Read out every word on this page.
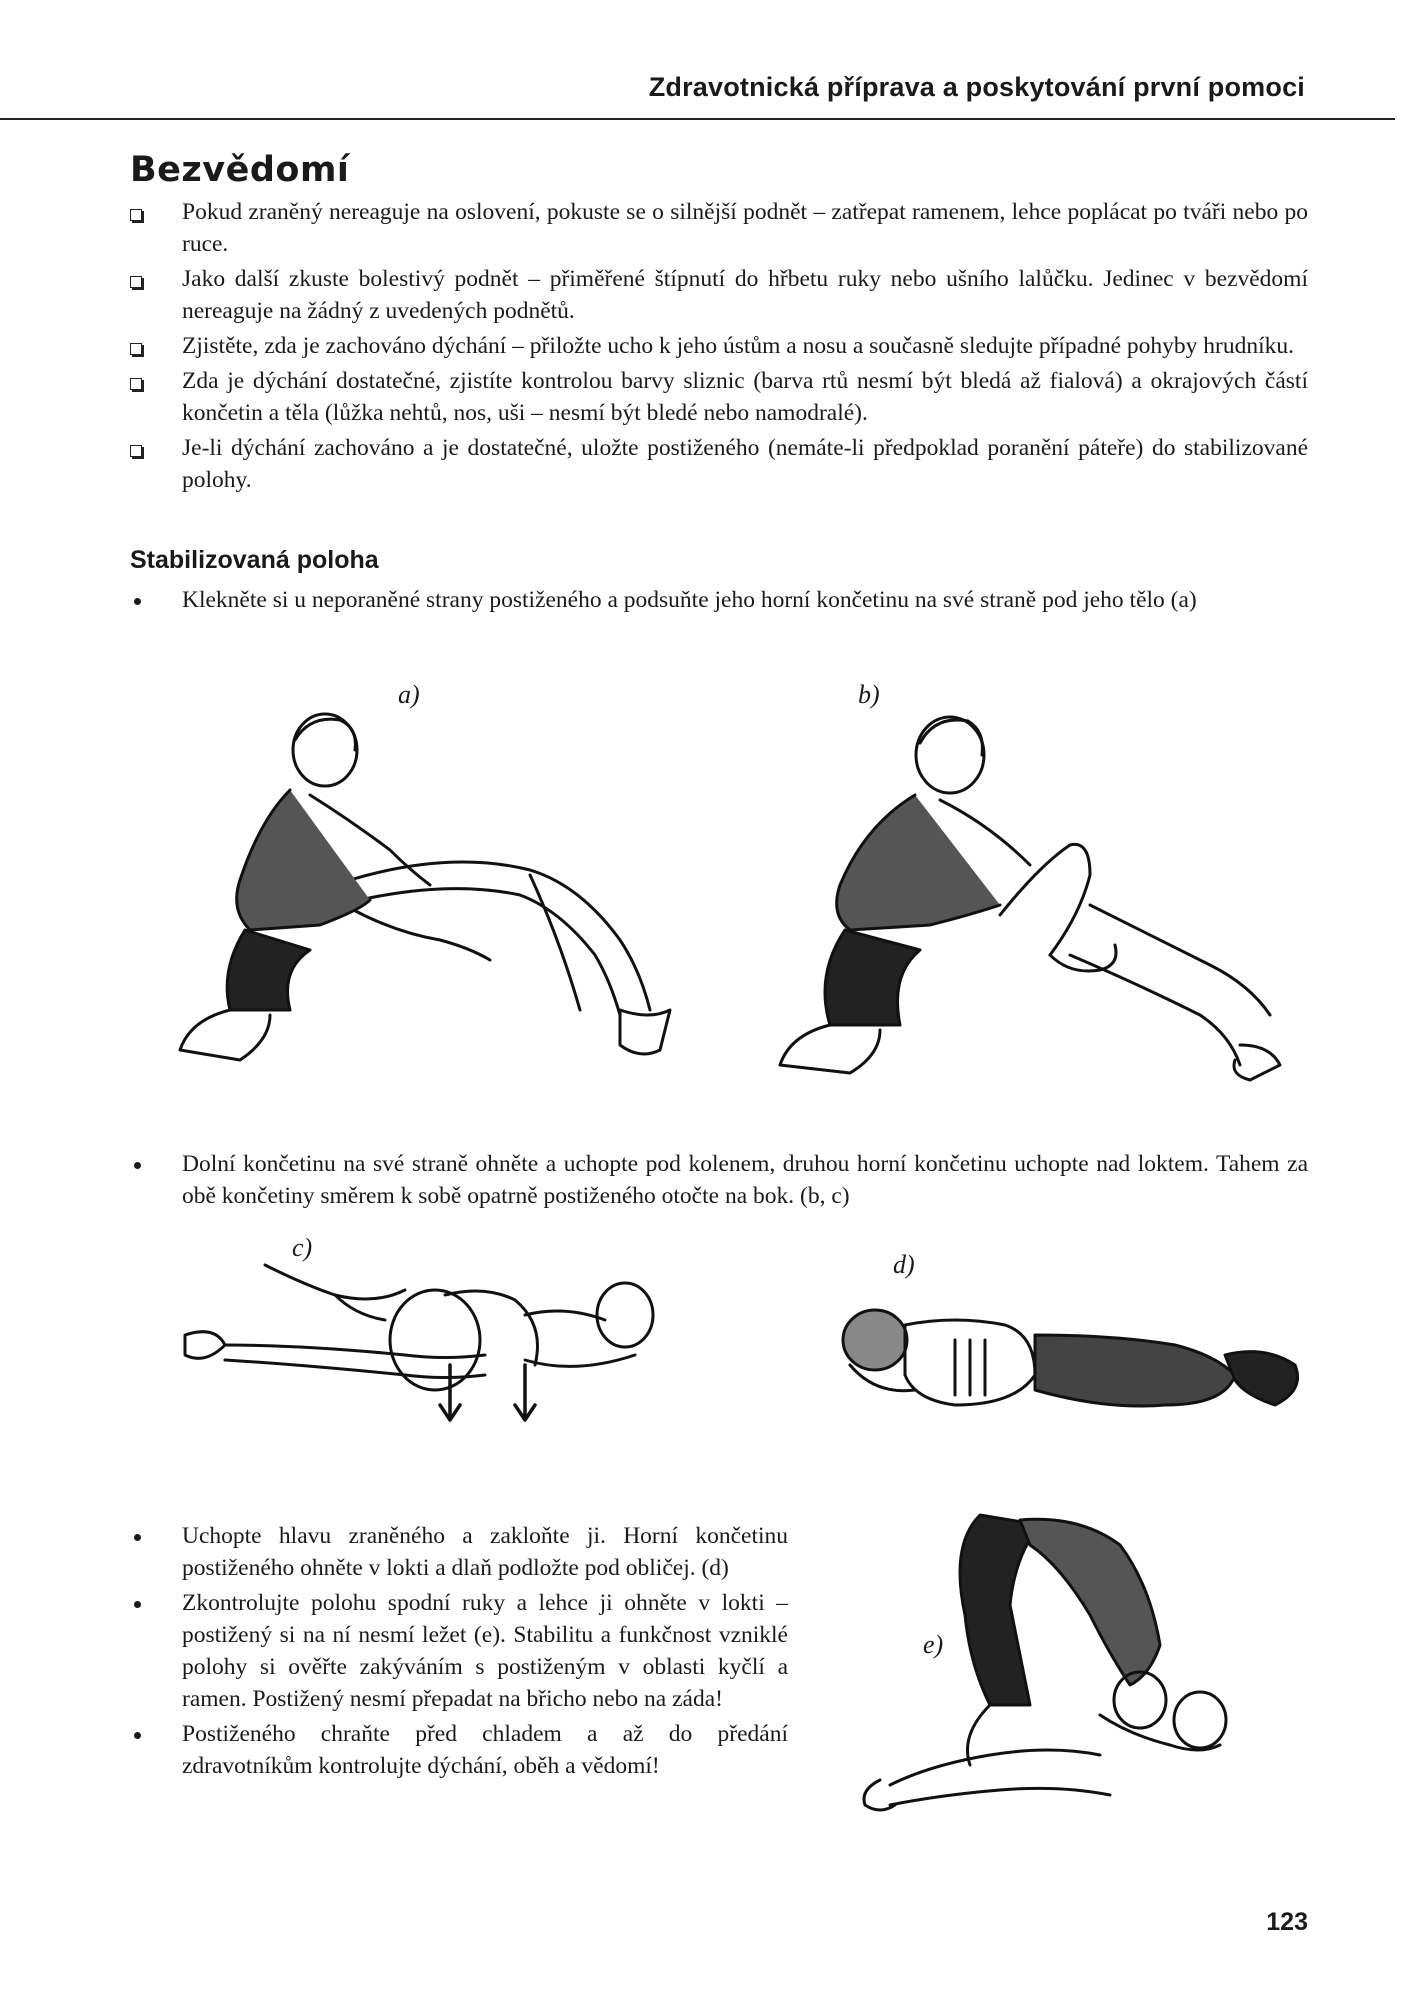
Zdravotnická příprava a poskytování první pomoci
Bezvědomí
Pokud zraněný nereaguje na oslovení, pokuste se o silnější podnět – zatřepat ramenem, lehce poplácat po tváři nebo po ruce.
Jako další zkuste bolestivý podnět – přiměřené štípnutí do hřbetu ruky nebo ušního lalůčku. Jedinec v bezvědomí nereaguje na žádný z uvedených podnětů.
Zjistěte, zda je zachováno dýchání – přiložte ucho k jeho ústům a nosu a současně sledujte případné pohyby hrudníku.
Zda je dýchání dostatečné, zjistíte kontrolou barvy sliznic (barva rtů nesmí být bledá až fialová) a okrajových částí končetin a těla (lůžka nehtů, nos, uši – nesmí být bledé nebo namodralé).
Je-li dýchání zachováno a je dostatečné, uložte postiženého (nemáte-li předpoklad poranění páteře) do stabilizované polohy.
Stabilizovaná poloha
Klekněte si u neporaněné strany postiženého a podsuňte jeho horní končetinu na své straně pod jeho tělo (a)
a)	b)
Dolní končetinu na své straně ohněte a uchopte pod kolenem, druhou horní končetinu uchopte nad loktem. Tahem za obě končetiny směrem k sobě opatrně postiženého otočte na bok. (b, c)
c)
d)
Uchopte hlavu zraněného a zakloňte ji. Horní končetinu postiženého ohněte v lokti a dlaň podložte pod obličej. (d)
Zkontrolujte polohu spodní ruky a lehce ji ohněte v lokti – postižený si na ní nesmí ležet (e). Stabilitu a funkčnost vzniklé polohy si ověřte zakýváním s postiženým v oblasti kyčlí a ramen. Postižený nesmí přepadat na břicho nebo na záda!
Postiženého chraňte před chladem a až do předání zdravotníkům kontrolujte dýchání, oběh a vědomí!
e)
123
